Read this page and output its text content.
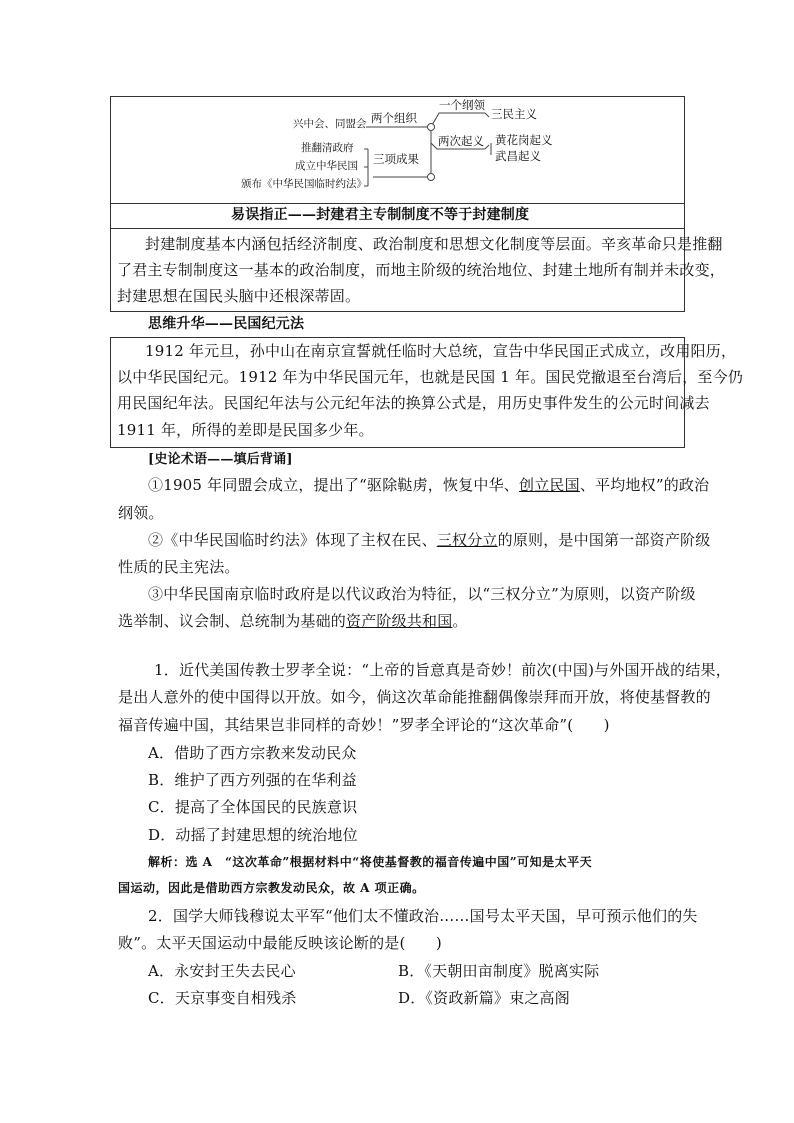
兴中会、同盟会 两个组织
一个纲领
三民主义
两次起义 黄花岗起义
武昌起义
推翻清政府
成立中华民国
颁布《中华民国临时约法》
三项成果
易误指正——封建君主专制制度不等于封建制度
封建制度基本内涵包括经济制度、政治制度和思想文化制度等层面。辛亥革命只是推翻
了君主专制制度这一基本的政治制度，而地主阶级的统治地位、封建土地所有制并未改变，
封建思想在国民头脑中还根深蒂固。
思维升华——民国纪元法
1912 年元旦，孙中山在南京宣誓就任临时大总统，宣告中华民国正式成立，改用阳历，
以中华民国纪元。1912 年为中华民国元年，也就是民国 1 年。国民党撤退至台湾后，至今仍
用民国纪年法。民国纪年法与公元纪年法的换算公式是，用历史事件发生的公元时间减去
1911 年，所得的差即是民国多少年。
[史论术语——填后背诵]
①1905 年同盟会成立，提出了“驱除鞑虏，恢复中华、创立民国、平均地权”的政治
纲领。
②《中华民国临时约法》体现了主权在民、三权分立的原则，是中国第一部资产阶级
性质的民主宪法。
③中华民国南京临时政府是以代议政治为特征，以“三权分立”为原则，以资产阶级
选举制、议会制、总统制为基础的资产阶级共和国。
1．近代美国传教士罗孝全说：“上帝的旨意真是奇妙！前次(中国)与外国开战的结果，
是出人意外的使中国得以开放。如今，倘这次革命能推翻偶像崇拜而开放，将使基督教的
福音传遍中国，其结果岂非同样的奇妙！”罗孝全评论的“这次革命”(　　)
A．借助了西方宗教来发动民众
B．维护了西方列强的在华利益
C．提高了全体国民的民族意识
D．动摇了封建思想的统治地位
解析：选 A　“这次革命”根据材料中“将使基督教的福音传遍中国”可知是太平天
国运动，因此是借助西方宗教发动民众，故 A 项正确。
2．国学大师钱穆说太平军“他们太不懂政治……国号太平天国，早可预示他们的失
败”。太平天国运动中最能反映该论断的是(　　)
A．永安封王失去民心	B．《天朝田亩制度》脱离实际
C．天京事变自相残杀	D．《资政新篇》束之高阁
